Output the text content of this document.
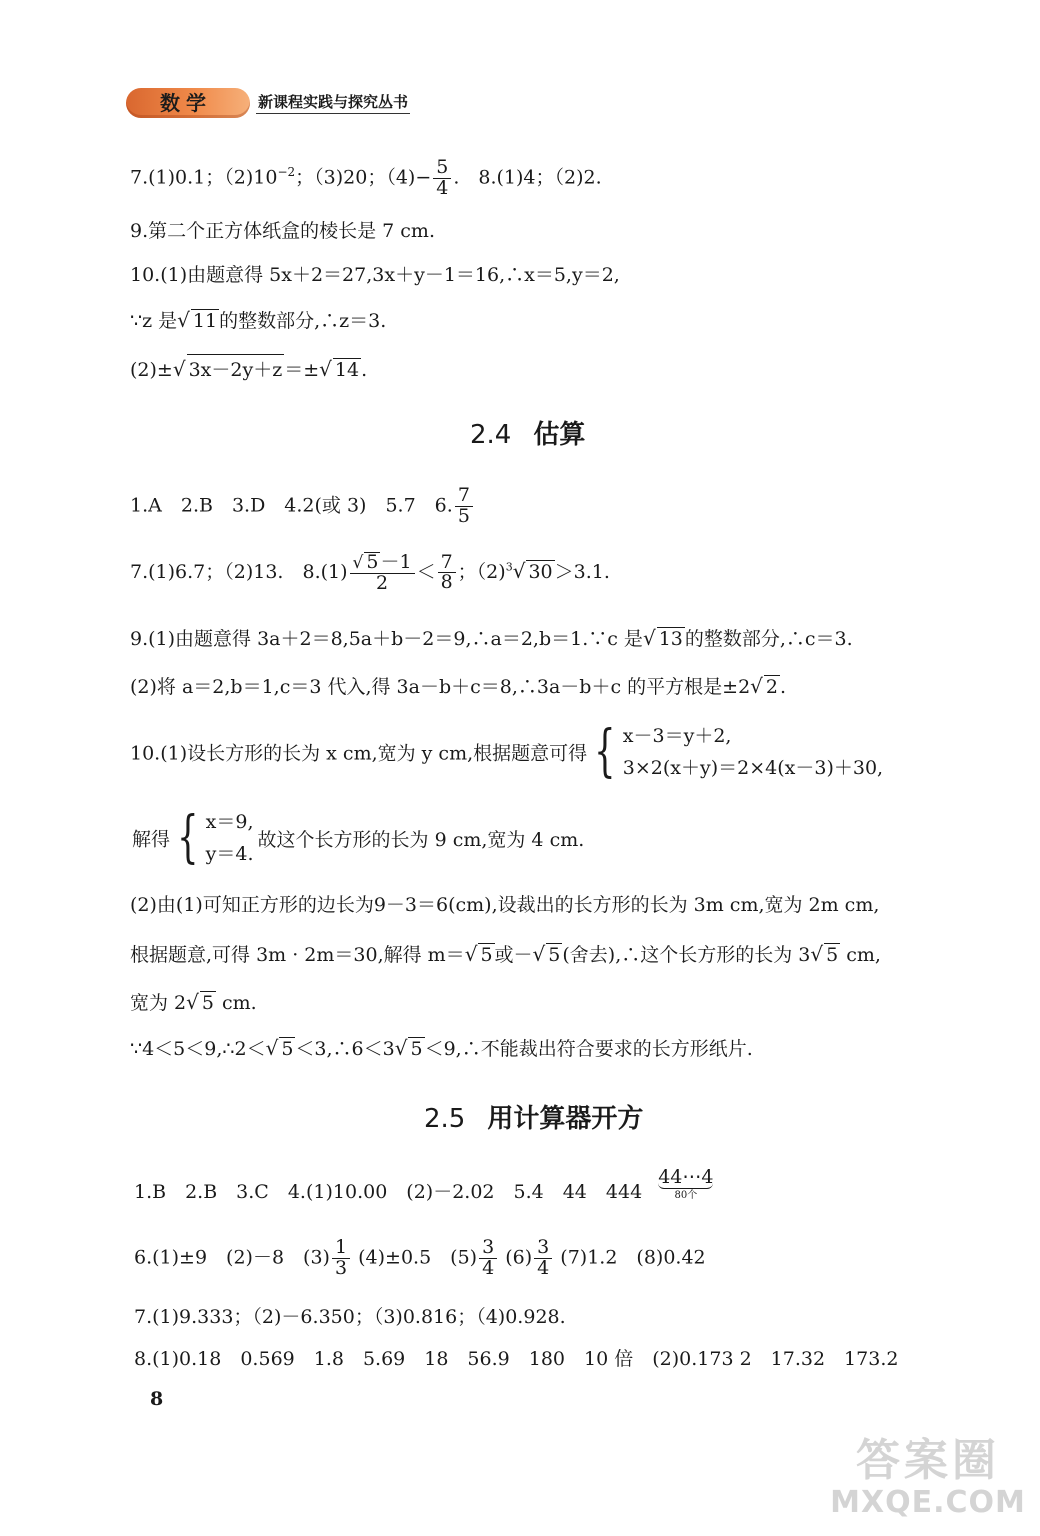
数学	新课程实践与探究丛书
7.(1)0.1；$(2)10^{-2}$；（3)20；$(4)- \frac{5}{4}$ .　8.(1)4；（2)2.
9.第二个正方体纸盒的棱长是 7 cm.
10.(1)由题意得 5x＋2＝27,3x＋y－1＝16,∴x＝5,y＝2,
∵z 是√ 11 的整数部分,∴z＝3.
(2)±√ 3x－2y＋z ＝±√ 14 .
2.4 估算
1.A　2.B　3.D　4.2(或 3)　5.7　6. $\frac{7}{5}$
7.(1)6.7；（2)13.　$8.(1) \frac{√ 5 -1}{2} < \frac{7}{8}$ ；（2)$^3$√ 30 ＞3.1.
9.(1)由题意得 3a＋2＝8,5a＋b－2＝9,∴a＝2,b＝1.∵c 是√ 13 的整数部分,∴c＝3.
(2)将 a＝2,b＝1,c＝3 代入,得 3a－b＋c＝8,∴3a－b＋c 的平方根是±2√ 2 .
10.(1)设长方形的长为 x cm,宽为 y cm,根据题意可得 { x－3＝y＋2,
3×2(x＋y)＝2×4(x－3)＋30,
解得 { x＝9,
y＝4.
故这个长方形的长为 9 cm,宽为 4 cm.
(2)由(1)可知正方形的边长为9－3＝6(cm),设裁出的长方形的长为 3m cm,宽为 2m cm,
根据题意,可得 3m · 2m＝30,解得 m＝√ 5 或－√ 5 (舍去),∴这个长方形的长为 3√ 5 cm,
宽为 2√ 5 cm.
∵4＜5＜9,∴2＜√ 5 ＜3,∴6＜3√ 5 ＜9,∴不能裁出符合要求的长方形纸片.
2.5 用计算器开方
1.B　2.B　3.C　4.(1)10.00　(2)－2.02　5.4　44　444
44⋯4
80个
6.(1)±9　(2)－8　$(3) \frac{1}{3} (4)\pm 0.5$　$(5) \frac{3}{4} (6) \frac{3}{4} (7)1.2$　(8)0.42
7.(1)9.333；（2)－6.350；（3)0.816；（4)0.928.
8.(1)0.18　0.569　1.8　5.69　18　56.9　180　10 倍　(2)0.173 2　17.32　173.2
8
答案圈
MXQE.COM
